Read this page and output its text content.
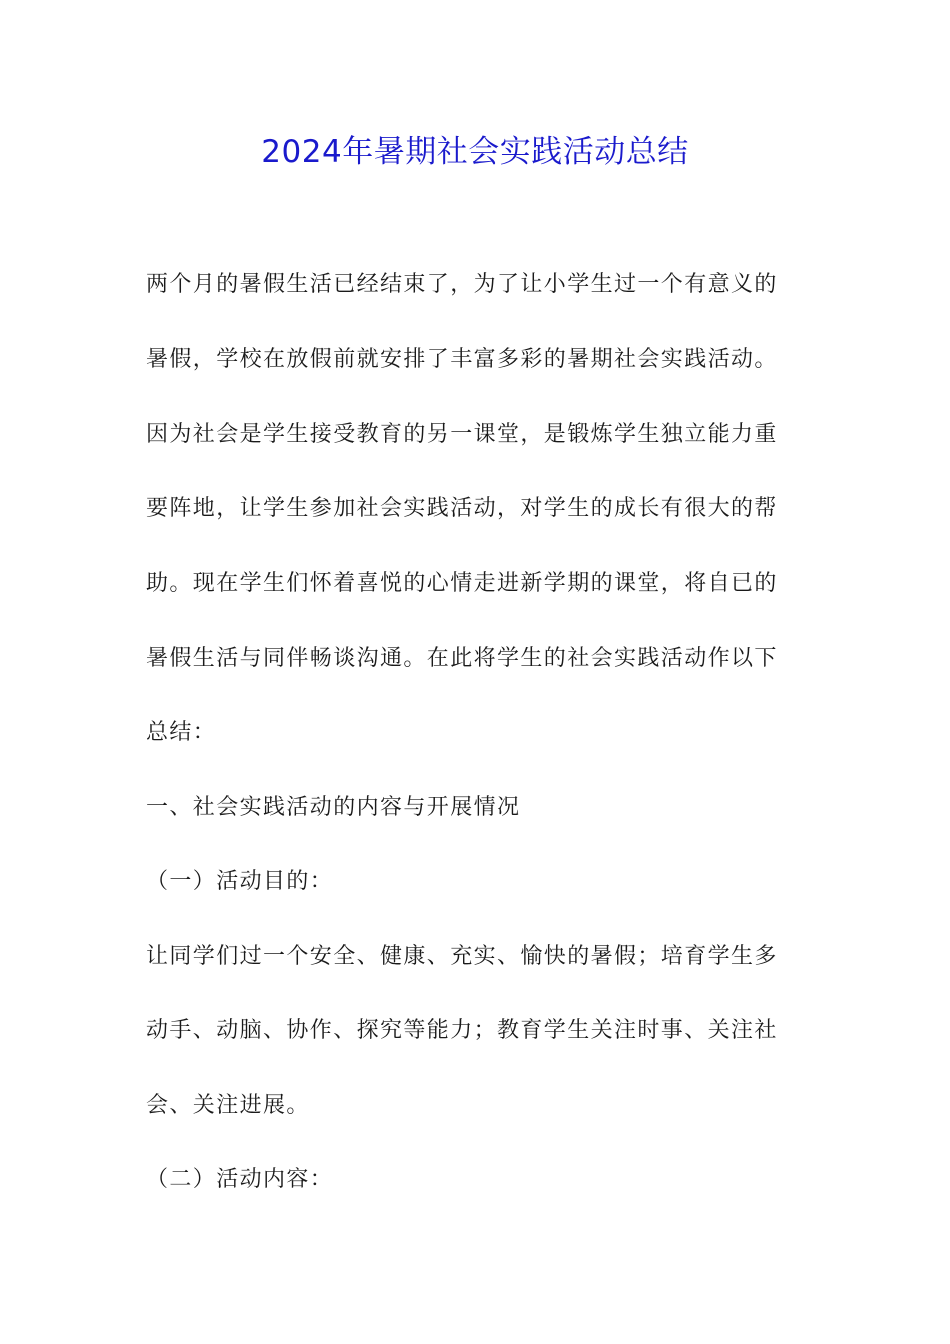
2024年暑期社会实践活动总结
两个月的暑假生活已经结束了，为了让小学生过一个有意义的
暑假，学校在放假前就安排了丰富多彩的暑期社会实践活动。
因为社会是学生接受教育的另一课堂，是锻炼学生独立能力重
要阵地，让学生参加社会实践活动，对学生的成长有很大的帮
助。现在学生们怀着喜悦的心情走进新学期的课堂，将自已的
暑假生活与同伴畅谈沟通。在此将学生的社会实践活动作以下
总结：
一、社会实践活动的内容与开展情况
（一）活动目的：
让同学们过一个安全、健康、充实、愉快的暑假；培育学生多
动手、动脑、协作、探究等能力；教育学生关注时事、关注社
会、关注进展。
（二）活动内容：
